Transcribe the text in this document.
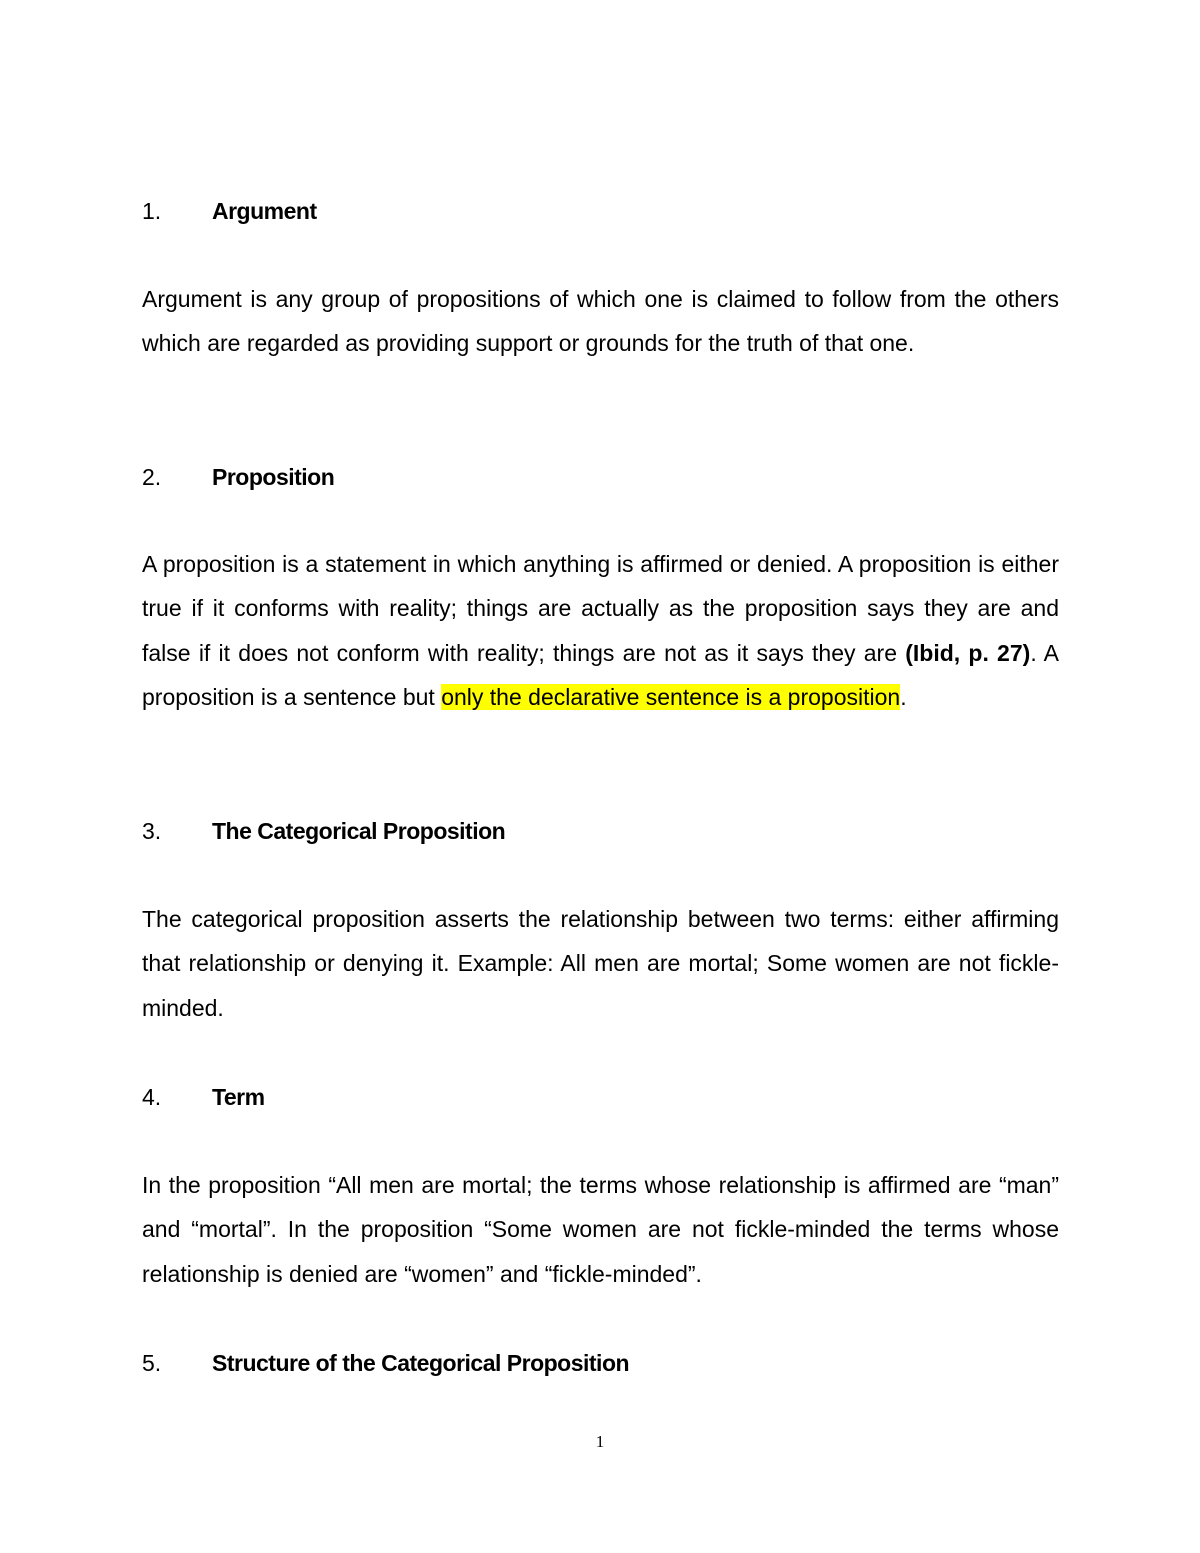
1. Argument
Argument is any group of propositions of which one is claimed to follow from the others which are regarded as providing support or grounds for the truth of that one.
2. Proposition
A proposition is a statement in which anything is affirmed or denied. A proposition is either true if it conforms with reality; things are actually as the proposition says they are and false if it does not conform with reality; things are not as it says they are (Ibid, p. 27). A proposition is a sentence but only the declarative sentence is a proposition.
3. The Categorical Proposition
The categorical proposition asserts the relationship between two terms: either affirming that relationship or denying it. Example: All men are mortal; Some women are not fickle-minded.
4. Term
In the proposition “All men are mortal; the terms whose relationship is affirmed are “man” and “mortal”. In the proposition “Some women are not fickle-minded the terms whose relationship is denied are “women” and “fickle-minded”.
5. Structure of the Categorical Proposition
1
